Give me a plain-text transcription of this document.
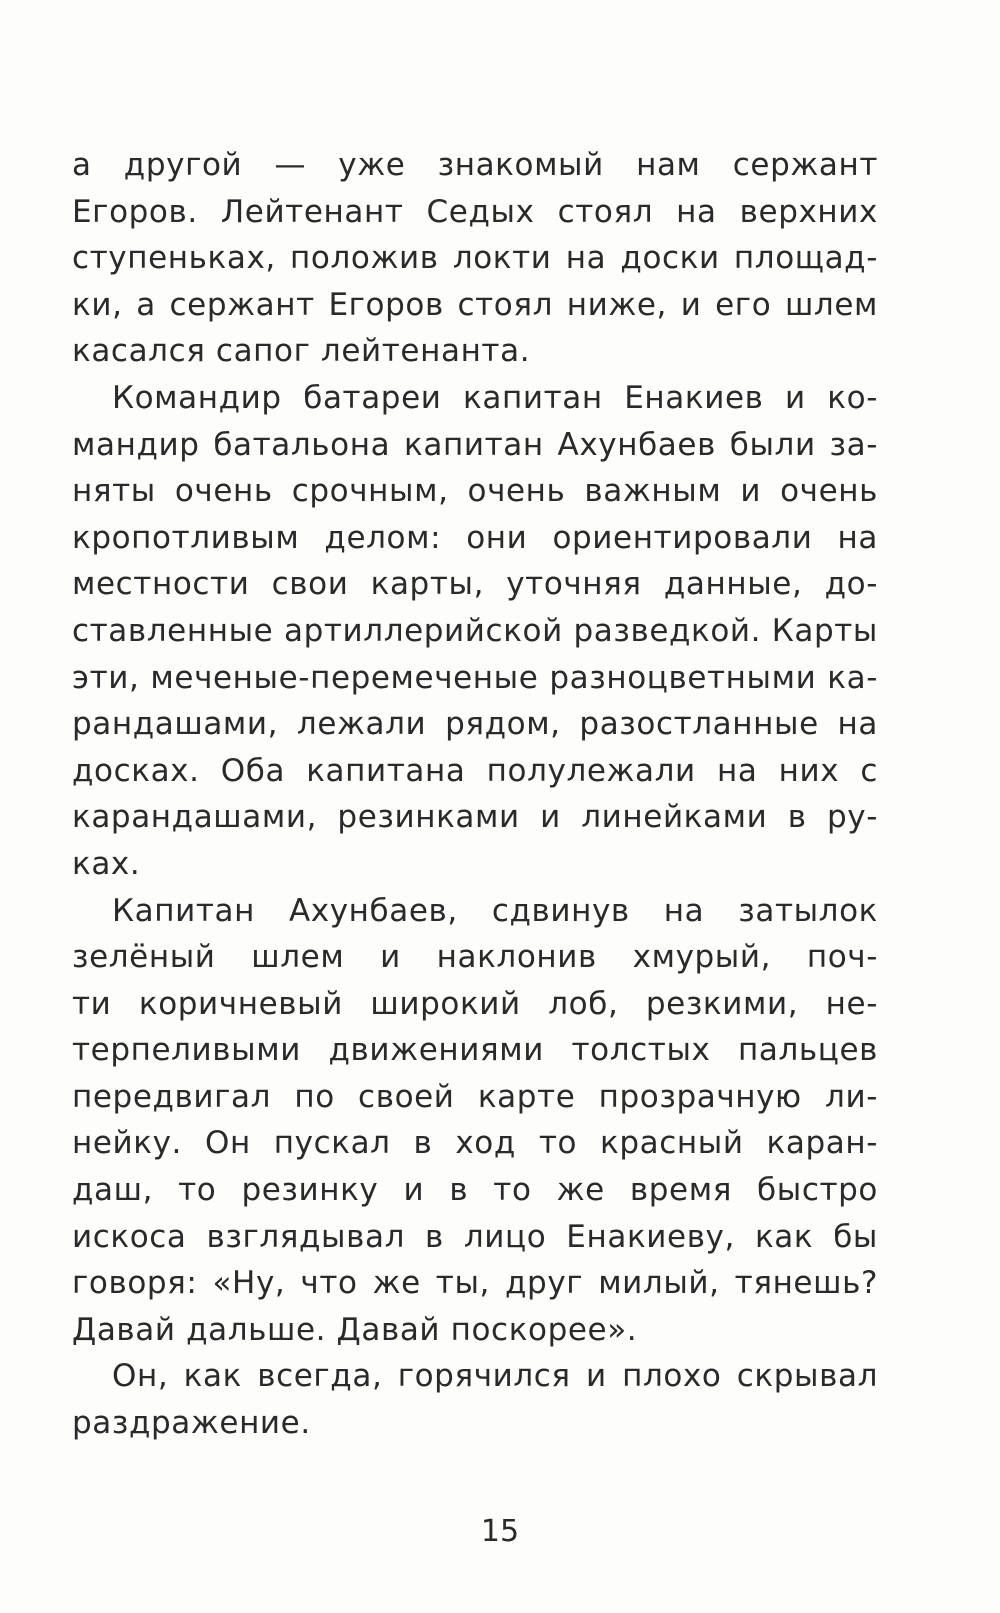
а другой — уже знакомый нам сержант
Егоров. Лейтенант Седых стоял на верхних
ступеньках, положив локти на доски площад-
ки, а сержант Егоров стоял ниже, и его шлем
касался сапог лейтенанта.
Командир батареи капитан Енакиев и ко-
мандир батальона капитан Ахунбаев были за-
няты очень срочным, очень важным и очень
кропотливым делом: они ориентировали на
местности свои карты, уточняя данные, до-
ставленные артиллерийской разведкой. Карты
эти, меченые-перемеченые разноцветными ка-
рандашами, лежали рядом, разостланные на
досках. Оба капитана полулежали на них с
карандашами, резинками и линейками в ру-
ках.
Капитан Ахунбаев, сдвинув на затылок
зелёный шлем и наклонив хмурый, поч-
ти коричневый широкий лоб, резкими, не-
терпеливыми движениями толстых пальцев
передвигал по своей карте прозрачную ли-
нейку. Он пускал в ход то красный каран-
даш, то резинку и в то же время быстро
искоса взглядывал в лицо Енакиеву, как бы
говоря: «Ну, что же ты, друг милый, тянешь?
Давай дальше. Давай поскорее».
Он, как всегда, горячился и плохо скрывал
раздражение.
15
